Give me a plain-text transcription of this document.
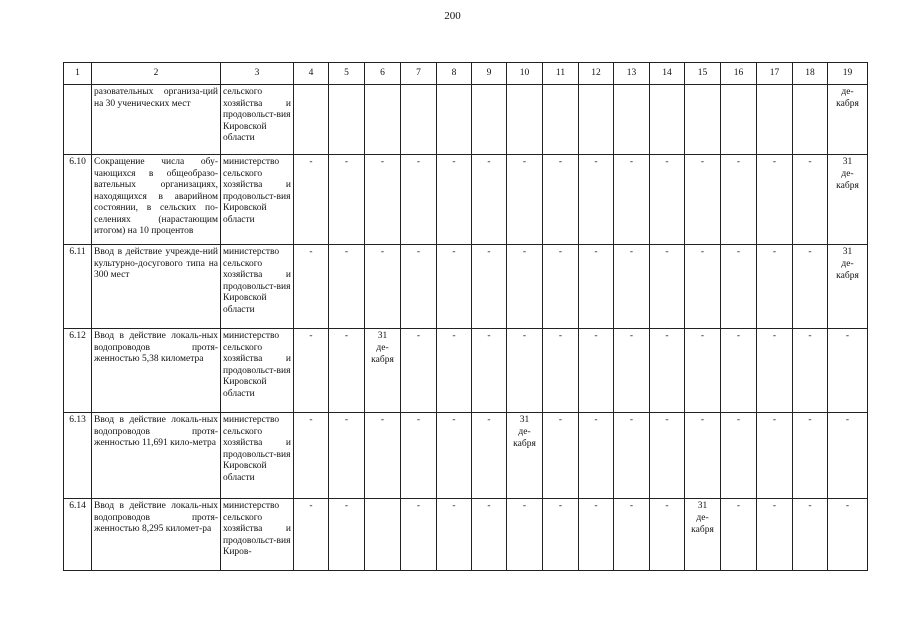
200
1	2	3	4	5	6	7	8	9	10	11	12	13	14	15	16	17	18	19
	разовательных организа-ций на 30 ученических мест	сельского хозяйства и продовольст-вия Кировской области																де-
кабря

6.10	Сокращение числа обу-чающихся в общеобразо-вательных организациях, находящихся в аварийном состоянии, в сельских по-селениях (нарастающим итогом) на 10 процентов	министерство сельского хозяйства и продовольст-вия Кировской области	-	-	-	-	-	-	-	-	-	-	-	-	-	-	-	31
де-
кабря

6.11	Ввод в действие учрежде-ний культурно-досугового типа на 300 мест	министерство сельского хозяйства и продовольст-вия Кировской области	-	-	-	-	-	-	-	-	-	-	-	-	-	-	-	31
де-
кабря

6.12	Ввод в действие локаль-ных водопроводов протя-женностью 5,38 километра	министерство сельского хозяйства и продовольст-вия Кировской области	-	-	31
де-
кабря	-	-	-	-	-	-	-	-	-	-	-	-	-
6.13	Ввод в действие локаль-ных водопроводов протя-женностью 11,691 кило-метра	министерство сельского хозяйства и продовольст-вия Кировской области	-	-	-	-	-	-	31
де-
кабря	-	-	-	-	-	-	-	-	-
6.14	Ввод в действие локаль-ных водопроводов протя-женностью 8,295 километ-ра	министерство сельского хозяйства и продовольст-вия Киров-	-	-		-	-	-	-	-	-	-	-	31
де-
кабря	-	-	-	-
